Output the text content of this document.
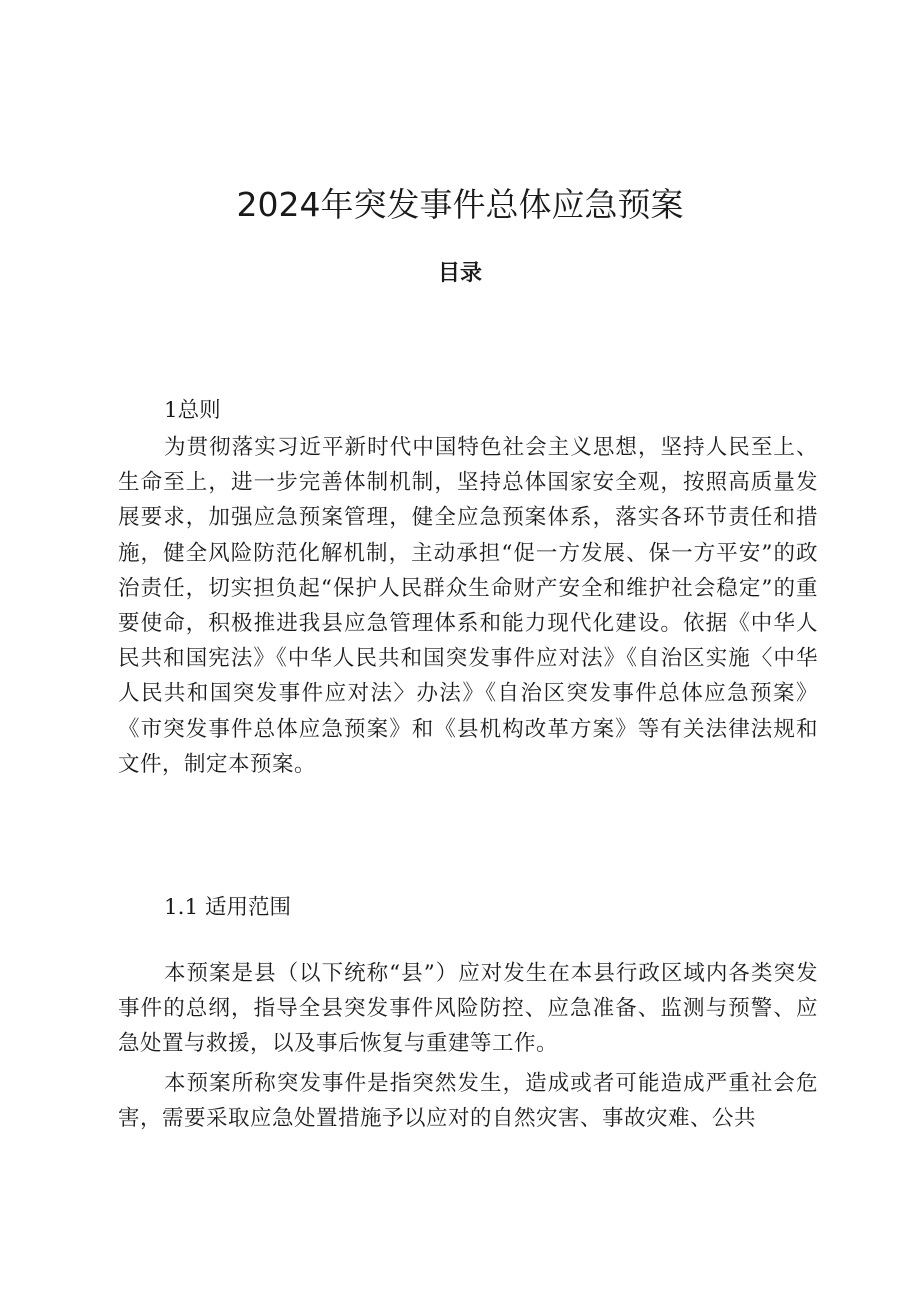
2024年突发事件总体应急预案
目录
1总则

为贯彻落实习近平新时代中国特色社会主义思想，坚持人民至上、生命至上，进一步完善体制机制，坚持总体国家安全观，按照高质量发展要求，加强应急预案管理，健全应急预案体系，落实各环节责任和措施，健全风险防范化解机制，主动承担“促一方发展、保一方平安”的政治责任，切实担负起“保护人民群众生命财产安全和维护社会稳定”的重要使命，积极推进我县应急管理体系和能力现代化建设。依据《中华人民共和国宪法》《中华人民共和国突发事件应对法》《自治区实施〈中华人民共和国突发事件应对法〉办法》《自治区突发事件总体应急预案》《市突发事件总体应急预案》和《县机构改革方案》等有关法律法规和文件，制定本预案。

1.1 适用范围

本预案是县（以下统称“县”）应对发生在本县行政区域内各类突发事件的总纲，指导全县突发事件风险防控、应急准备、监测与预警、应急处置与救援，以及事后恢复与重建等工作。

本预案所称突发事件是指突然发生，造成或者可能造成严重社会危害，需要采取应急处置措施予以应对的自然灾害、事故灾难、公共
